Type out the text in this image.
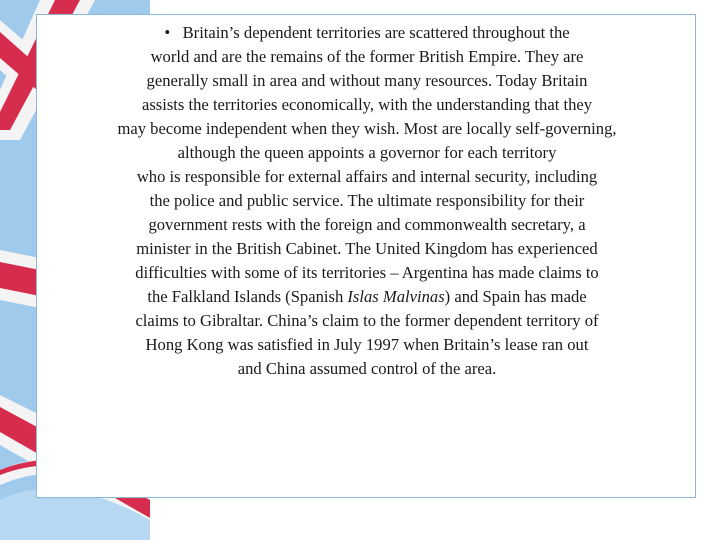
• Britain’s dependent territories are scattered throughout the
world and are the remains of the former British Empire. They are
generally small in area and without many resources. Today Britain
assists the territories economically, with the understanding that they
may become independent when they wish. Most are locally self-governing,
although the queen appoints a governor for each territory
who is responsible for external affairs and internal security, including
the police and public service. The ultimate responsibility for their
government rests with the foreign and commonwealth secretary, a
minister in the British Cabinet. The United Kingdom has experienced
difficulties with some of its territories – Argentina has made claims to
the Falkland Islands (Spanish Islas Malvinas) and Spain has made
claims to Gibraltar. China’s claim to the former dependent territory of
Hong Kong was satisfied in July 1997 when Britain’s lease ran out
and China assumed control of the area.
